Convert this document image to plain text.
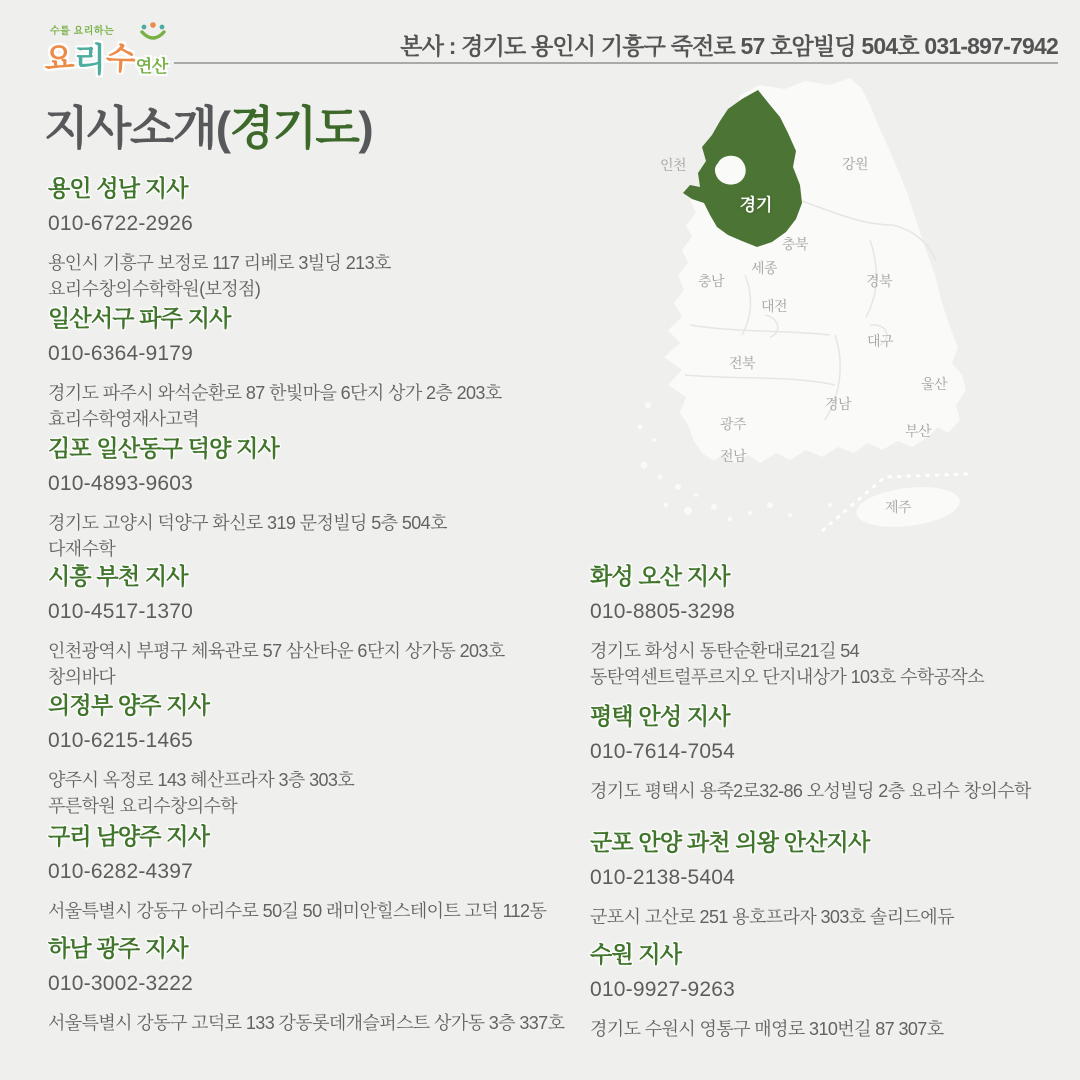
수를 요리하는
요리수연산
본사 : 경기도 용인시 기흥구 죽전로 57 호암빌딩 504호 031-897-7942
지사소개(경기도)
경기
인천	강원
충북
세종
충남
대전
경북
대구
전북
울산
경남
광주	부산
전남
제주
용인 성남 지사
010-6722-2926
용인시 기흥구 보정로 117 리베로 3빌딩 213호
요리수창의수학학원(보정점)
일산서구 파주 지사
010-6364-9179
경기도 파주시 와석순환로 87 한빛마을 6단지 상가 2층 203호
효리수학영재사고력
김포 일산동구 덕양 지사
010-4893-9603
경기도 고양시 덕양구 화신로 319 문정빌딩 5층 504호
다재수학
시흥 부천 지사
010-4517-1370
인천광역시 부평구 체육관로 57 삼산타운 6단지 상가동 203호
창의바다
의정부 양주 지사
010-6215-1465
양주시 옥정로 143 혜산프라자 3층 303호
푸른학원 요리수창의수학
구리 남양주 지사
010-6282-4397
서울특별시 강동구 아리수로 50길 50 래미안힐스테이트 고덕 112동
하남 광주 지사
010-3002-3222
서울특별시 강동구 고덕로 133 강동롯데개슬퍼스트 상가동 3층 337호
화성 오산 지사
010-8805-3298
경기도 화성시 동탄순환대로21길 54
동탄역센트럴푸르지오 단지내상가 103호 수학공작소
평택 안성 지사
010-7614-7054
경기도 평택시 용죽2로32-86 오성빌딩 2층 요리수 창의수학
군포 안양 과천 의왕 안산지사
010-2138-5404
군포시 고산로 251 용호프라자 303호 솔리드에듀
수원 지사
010-9927-9263
경기도 수원시 영통구 매영로 310번길 87 307호
